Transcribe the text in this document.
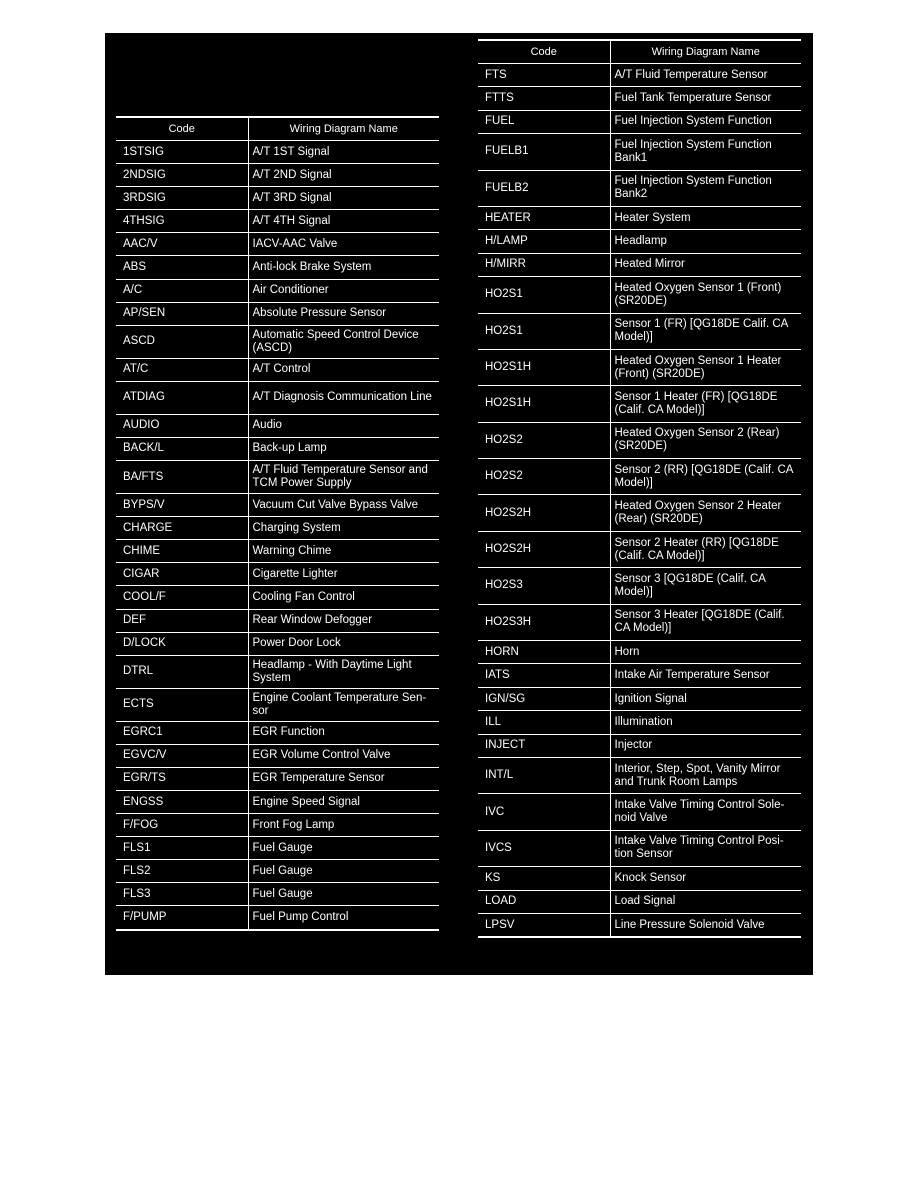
Code	Wiring Diagram Name
1STSIG	A/T 1ST Signal
2NDSIG	A/T 2ND Signal
3RDSIG	A/T 3RD Signal
4THSIG	A/T 4TH Signal
AAC/V	IACV-AAC Valve
ABS	Anti-lock Brake System
A/C	Air Conditioner
AP/SEN	Absolute Pressure Sensor
ASCD	Automatic Speed Control Device (ASCD)
AT/C	A/T Control
ATDIAG	A/T Diagnosis Communication Line
AUDIO	Audio
BACK/L	Back-up Lamp
BA/FTS	A/T Fluid Temperature Sensor and TCM Power Supply
BYPS/V	Vacuum Cut Valve Bypass Valve
CHARGE	Charging System
CHIME	Warning Chime
CIGAR	Cigarette Lighter
COOL/F	Cooling Fan Control
DEF	Rear Window Defogger
D/LOCK	Power Door Lock
DTRL	Headlamp - With Daytime Light System
ECTS	Engine Coolant Temperature Sen- sor
EGRC1	EGR Function
EGVC/V	EGR Volume Control Valve
EGR/TS	EGR Temperature Sensor
ENGSS	Engine Speed Signal
F/FOG	Front Fog Lamp
FLS1	Fuel Gauge
FLS2	Fuel Gauge
FLS3	Fuel Gauge
F/PUMP	Fuel Pump Control
Code	Wiring Diagram Name
FTS	A/T Fluid Temperature Sensor
FTTS	Fuel Tank Temperature Sensor
FUEL	Fuel Injection System Function
FUELB1	Fuel Injection System Function Bank1
FUELB2	Fuel Injection System Function Bank2
HEATER	Heater System
H/LAMP	Headlamp
H/MIRR	Heated Mirror
HO2S1	Heated Oxygen Sensor 1 (Front) (SR20DE)
HO2S1	Sensor 1 (FR) [QG18DE Calif. CA Model)]
HO2S1H	Heated Oxygen Sensor 1 Heater (Front) (SR20DE)
HO2S1H	Sensor 1 Heater (FR) [QG18DE (Calif. CA Model)]
HO2S2	Heated Oxygen Sensor 2 (Rear) (SR20DE)
HO2S2	Sensor 2 (RR) [QG18DE (Calif. CA Model)]
HO2S2H	Heated Oxygen Sensor 2 Heater (Rear) (SR20DE)
HO2S2H	Sensor 2 Heater (RR) [QG18DE (Calif. CA Model)]
HO2S3	Sensor 3 [QG18DE (Calif. CA Model)]
HO2S3H	Sensor 3 Heater [QG18DE (Calif. CA Model)]
HORN	Horn
IATS	Intake Air Temperature Sensor
IGN/SG	Ignition Signal
ILL	Illumination
INJECT	Injector
INT/L	Interior, Step, Spot, Vanity Mirror and Trunk Room Lamps
IVC	Intake Valve Timing Control Sole- noid Valve
IVCS	Intake Valve Timing Control Posi- tion Sensor
KS	Knock Sensor
LOAD	Load Signal
LPSV	Line Pressure Solenoid Valve
